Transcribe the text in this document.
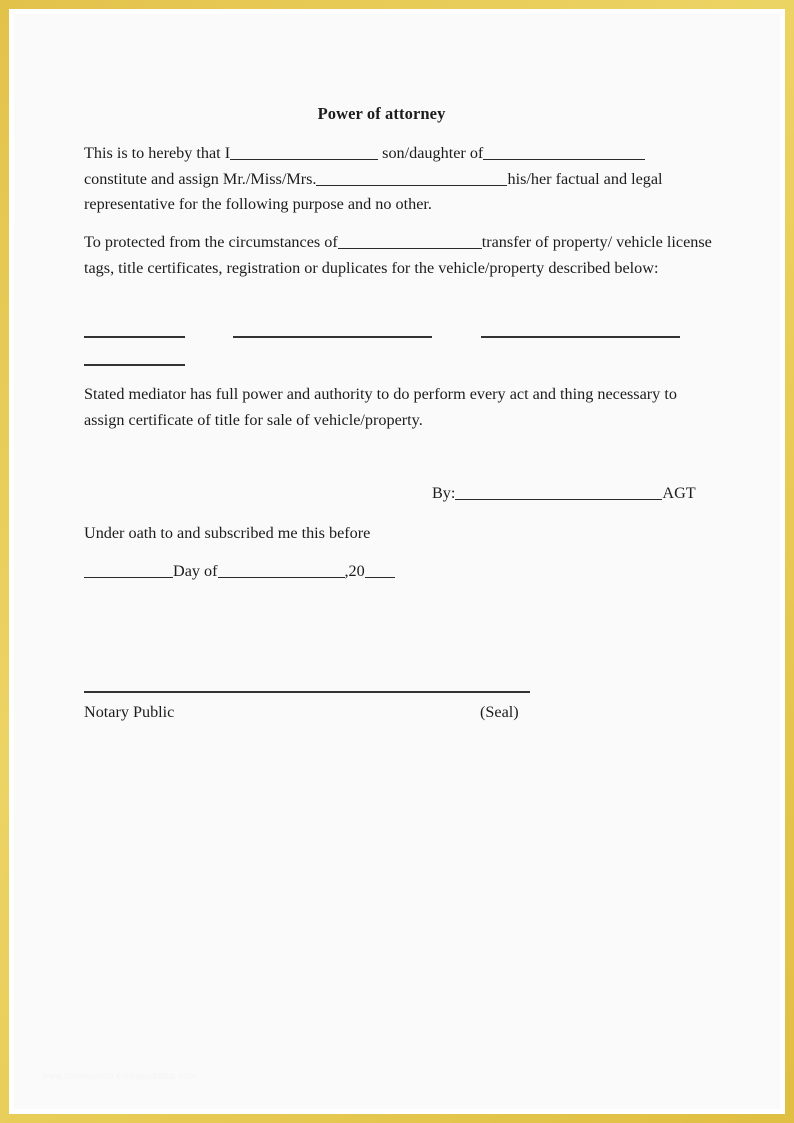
Power of attorney
This is to hereby that I	son/daughter of constitute and assign Mr./Miss/Mrs.	his/her factual and legal representative for the following purpose and no other.
To protected from the circumstances of	transfer of property/ vehicle license tags, title certificates, registration or duplicates for the vehicle/property described below:
Stated mediator has full power and authority to do perform every act and thing necessary to assign certificate of title for sale of vehicle/property.
By:	AGT
Under oath to and subscribed me this before
Day of	,20
Notary Public	(Seal)
www.thetemplate.collegesdigital.com
